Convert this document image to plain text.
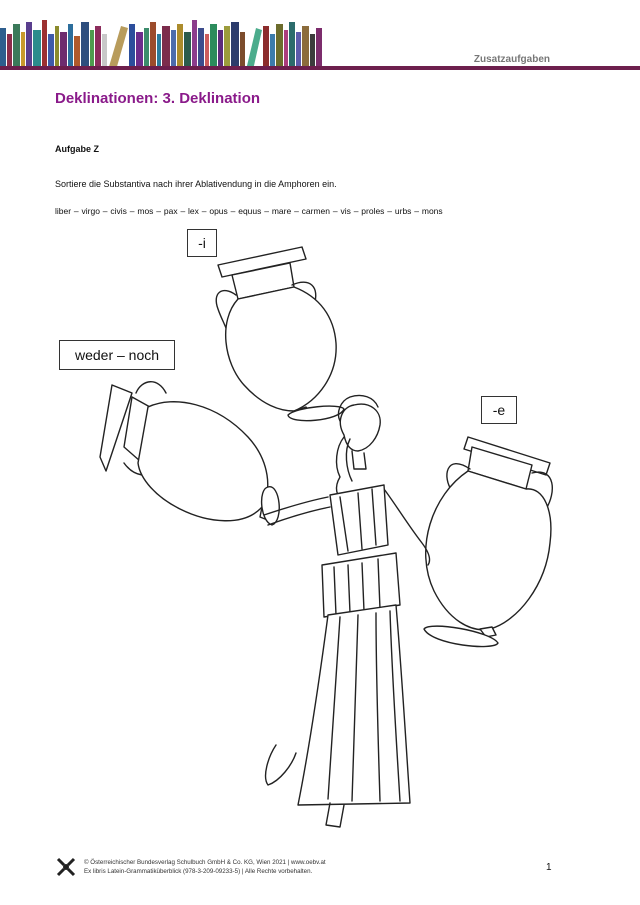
Zusatzaufgaben
Deklinationen: 3. Deklination
Aufgabe Z
Sortiere die Substantiva nach ihrer Ablativendung in die Amphoren ein.
liber – virgo – civis – mos – pax – lex – opus – equus – mare – carmen – vis – proles – urbs – mons
-i
weder – noch
-e
© Österreichischer Bundesverlag Schulbuch GmbH & Co. KG, Wien 2021 | www.oebv.at
Ex libris Latein-Grammatiküberblick (978-3-209-09233-5) | Alle Rechte vorbehalten.	1
